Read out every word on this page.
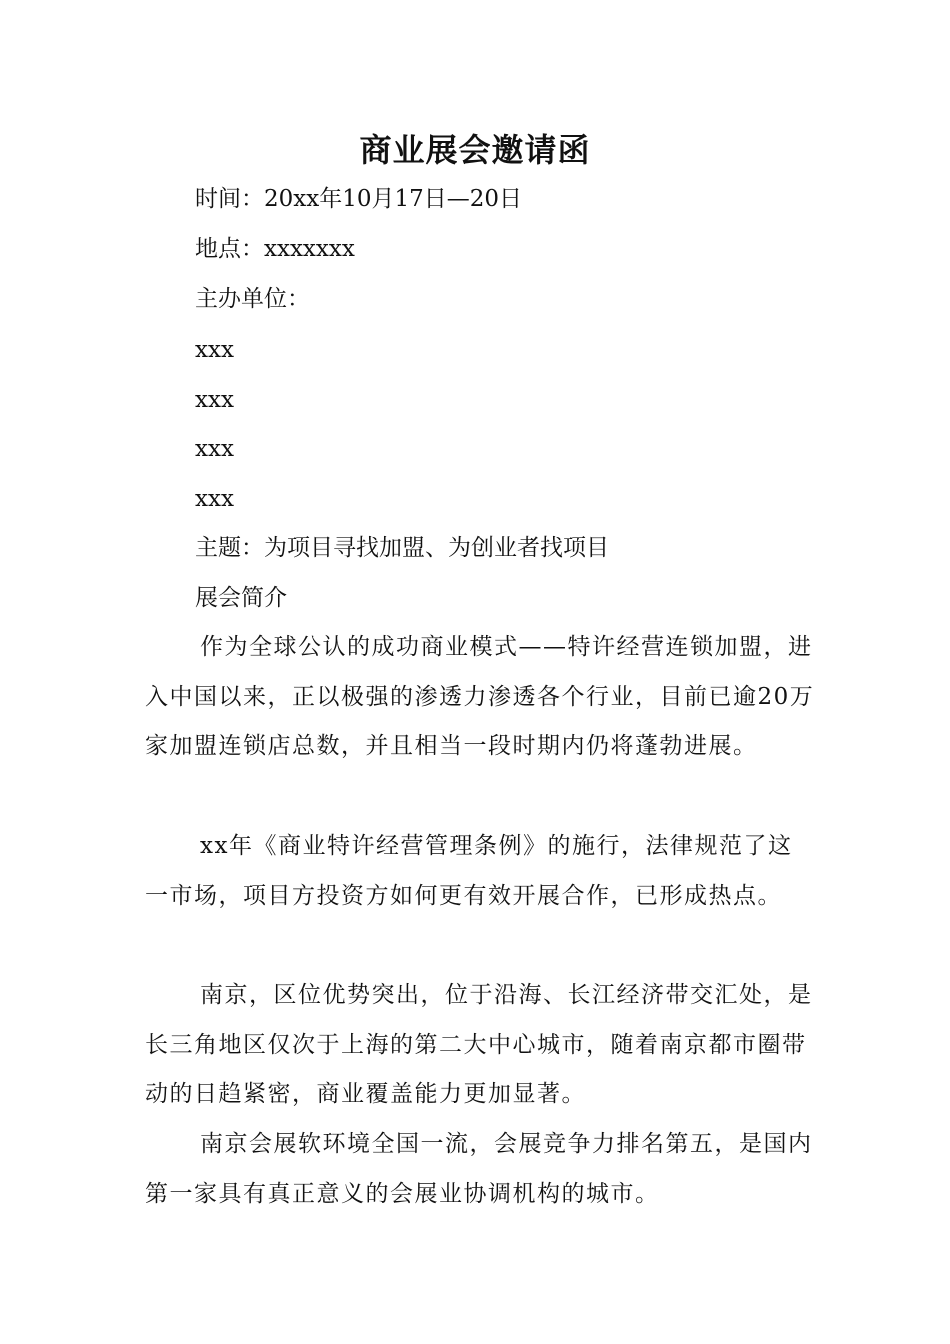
商业展会邀请函
时间：20xx年10月17日—20日
地点：xxxxxxx
主办单位：
xxx
xxx
xxx
xxx
主题：为项目寻找加盟、为创业者找项目
展会简介
作为全球公认的成功商业模式——特许经营连锁加盟，进入中国以来，正以极强的渗透力渗透各个行业，目前已逾20万家加盟连锁店总数，并且相当一段时期内仍将蓬勃进展。
xx年《商业特许经营管理条例》的施行，法律规范了这一市场，项目方投资方如何更有效开展合作，已形成热点。
南京，区位优势突出，位于沿海、长江经济带交汇处，是长三角地区仅次于上海的第二大中心城市，随着南京都市圈带动的日趋紧密，商业覆盖能力更加显著。
南京会展软环境全国一流，会展竞争力排名第五，是国内第一家具有真正意义的会展业协调机构的城市。
